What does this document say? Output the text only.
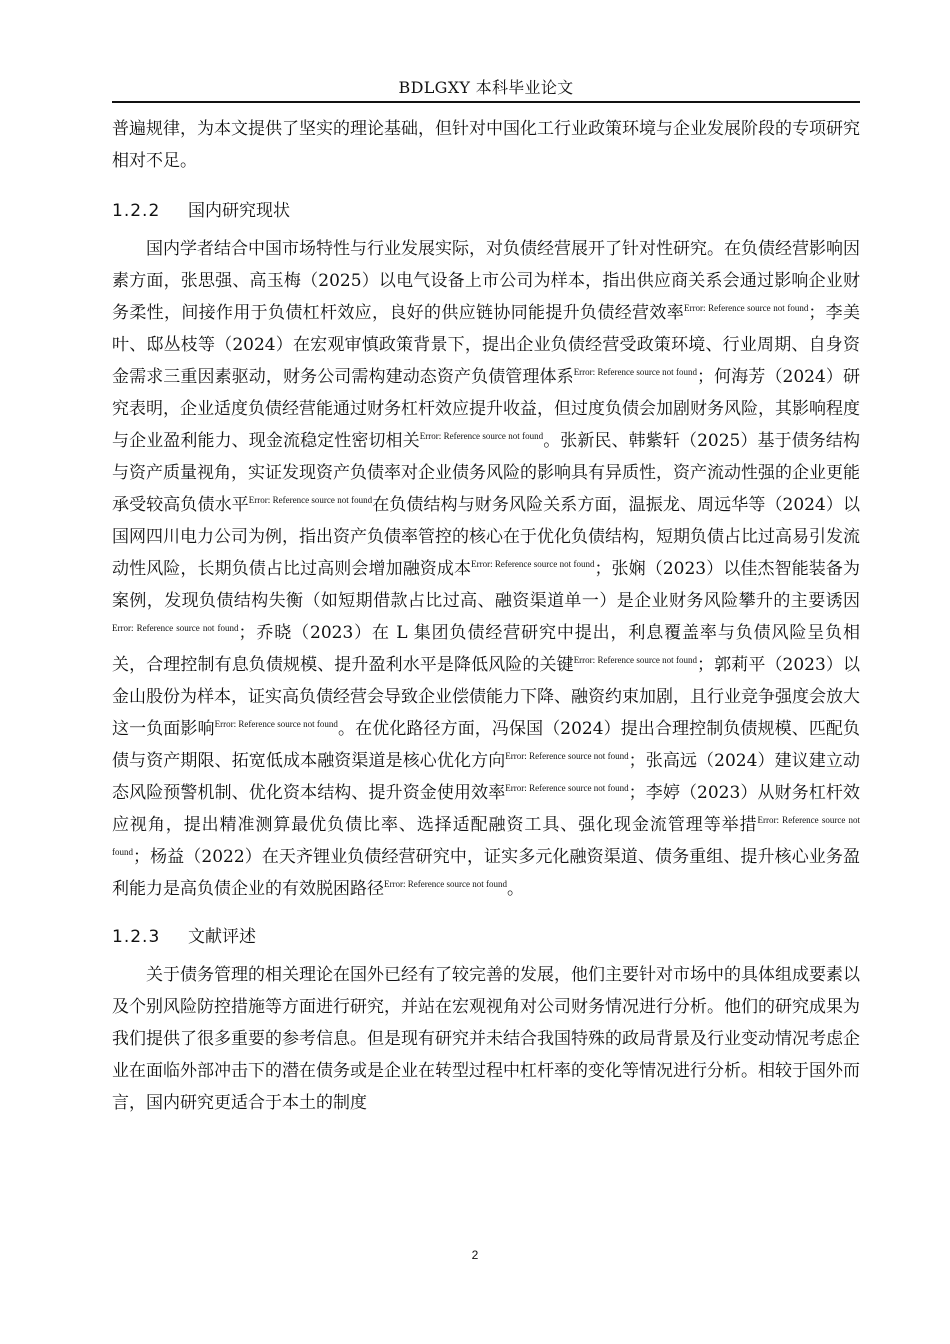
BDLGXY 本科毕业论文

普遍规律，为本文提供了坚实的理论基础，但针对中国化工行业政策环境与企业发展阶段的专项研究相对不足。

1.2.2 国内研究现状

国内学者结合中国市场特性与行业发展实际，对负债经营展开了针对性研究。在负债经营影响因素方面，张思强、高玉梅（2025）以电气设备上市公司为样本，指出供应商关系会通过影响企业财务柔性，间接作用于负债杠杆效应，良好的供应链协同能提升负债经营效率$^{Error: Reference source not found}$；李美叶、邸丛枝等（2024）在宏观审慎政策背景下，提出企业负债经营受政策环境、行业周期、自身资金需求三重因素驱动，财务公司需构建动态资产负债管理体系$^{Error: Reference source not found}$；何海芳（2024）研究表明，企业适度负债经营能通过财务杠杆效应提升收益，但过度负债会加剧财务风险，其影响程度与企业盈利能力、现金流稳定性密切相关$^{Error: Reference source not found}$。张新民、韩紫轩（2025）基于债务结构与资产质量视角，实证发现资产负债率对企业债务风险的影响具有异质性，资产流动性强的企业更能承受较高负债水平$^{Error: Reference source not found}$在负债结构与财务风险关系方面，温振龙、周远华等（2024）以国网四川电力公司为例，指出资产负债率管控的核心在于优化负债结构，短期负债占比过高易引发流动性风险，长期负债占比过高则会增加融资成本$^{Error: Reference source not found}$；张娴（2023）以佳杰智能装备为案例，发现负债结构失衡（如短期借款占比过高、融资渠道单一）是企业财务风险攀升的主要诱因$^{Error: Reference source not found}$；乔晓（2023）在 L 集团负债经营研究中提出，利息覆盖率与负债风险呈负相关，合理控制有息负债规模、提升盈利水平是降低风险的关键$^{Error: Reference source not found}$；郭莉平（2023）以金山股份为样本，证实高负债经营会导致企业偿债能力下降、融资约束加剧，且行业竞争强度会放大这一负面影响$^{Error: Reference source not found}$。在优化路径方面，冯保国（2024）提出合理控制负债规模、匹配负债与资产期限、拓宽低成本融资渠道是核心优化方向$^{Error: Reference source not found}$；张高远（2024）建议建立动态风险预警机制、优化资本结构、提升资金使用效率$^{Error: Reference source not found}$；李婷（2023）从财务杠杆效应视角，提出精准测算最优负债比率、选择适配融资工具、强化现金流管理等举措$^{Error: Reference source not found}$；杨益（2022）在天齐锂业负债经营研究中，证实多元化融资渠道、债务重组、提升核心业务盈利能力是高负债企业的有效脱困路径$^{Error: Reference source not found}$。

1.2.3 文献评述

关于债务管理的相关理论在国外已经有了较完善的发展，他们主要针对市场中的具体组成要素以及个别风险防控措施等方面进行研究，并站在宏观视角对公司财务情况进行分析。他们的研究成果为我们提供了很多重要的参考信息。但是现有研究并未结合我国特殊的政局背景及行业变动情况考虑企业在面临外部冲击下的潜在债务或是企业在转型过程中杠杆率的变化等情况进行分析。相较于国外而言，国内研究更适合于本土的制度

2
